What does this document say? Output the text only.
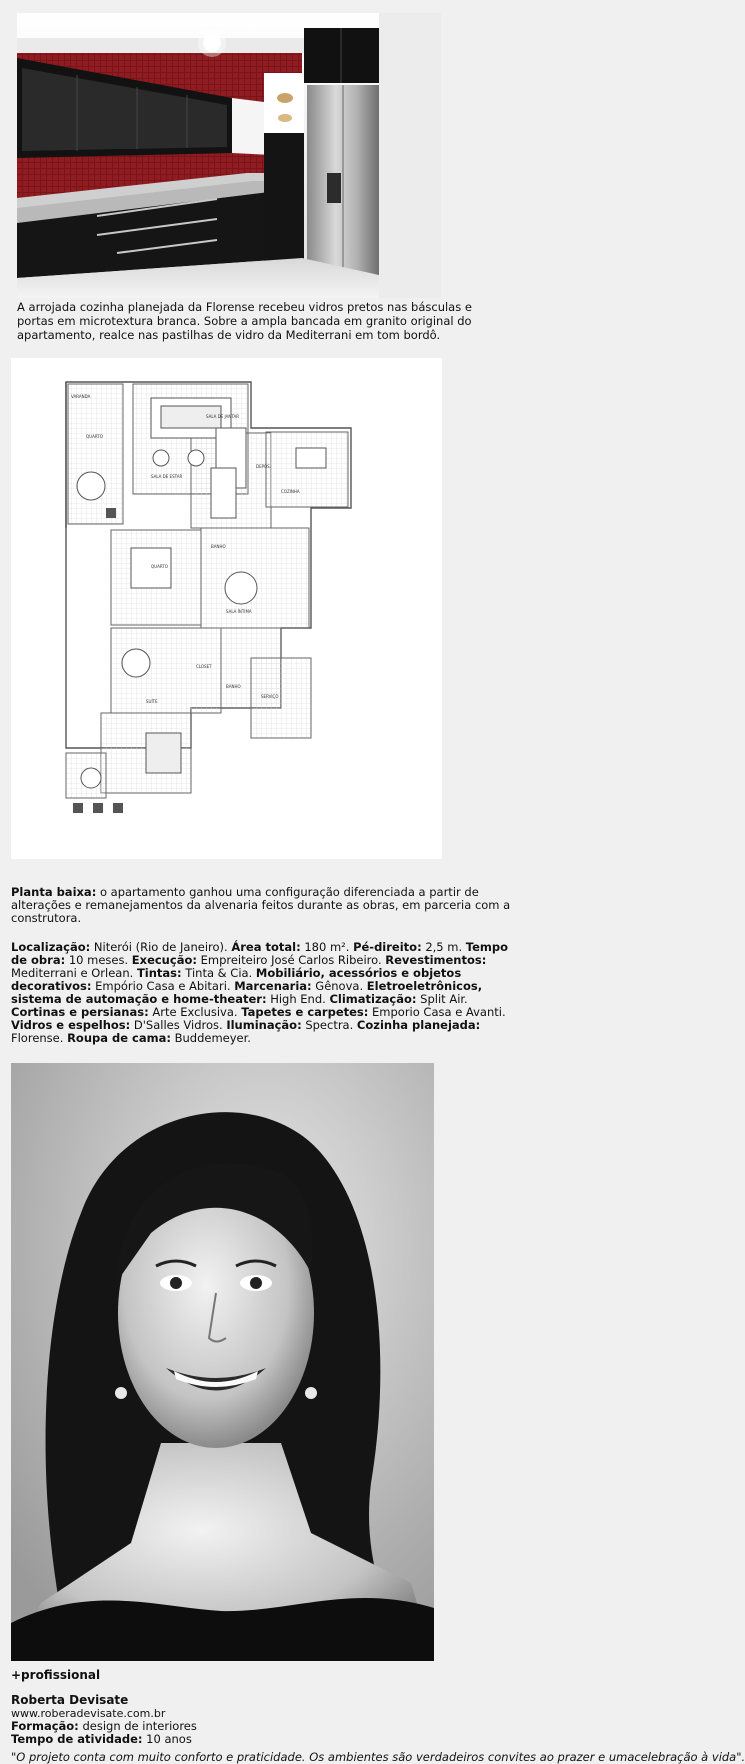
A arrojada cozinha planejada da Florense recebeu vidros pretos nas básculas e portas em microtextura branca. Sobre a ampla bancada em granito original do apartamento, realce nas pastilhas de vidro da Mediterrani em tom bordô.

QUARTO
DEPÓS.
COZINHA
SALA DE JANTAR
SALA DE ESTAR
VARANDA
QUARTO
BANHO
SALA ÍNTIMA
SUÍTE
CLOSET
BANHO
SERVIÇO

Planta baixa: o apartamento ganhou uma configuração diferenciada a partir de alterações e remanejamentos da alvenaria feitos durante as obras, em parceria com a construtora.

Localização: Niterói (Rio de Janeiro). Área total: 180 m². Pé-direito: 2,5 m. Tempo de obra: 10 meses. Execução: Empreiteiro José Carlos Ribeiro. Revestimentos: Mediterrani e Orlean. Tintas: Tinta & Cia. Mobiliário, acessórios e objetos decorativos: Empório Casa e Abitari. Marcenaria: Gênova. Eletroeletrônicos, sistema de automação e home-theater: High End. Climatização: Split Air. Cortinas e persianas: Arte Exclusiva. Tapetes e carpetes: Emporio Casa e Avanti. Vidros e espelhos: D'Salles Vidros. Iluminação: Spectra. Cozinha planejada: Florense. Roupa de cama: Buddemeyer.

+profissional

Roberta Devisate

www.roberadevisate.com.br

Formação: design de interiores

Tempo de atividade: 10 anos

"O projeto conta com muito conforto e praticidade. Os ambientes são verdadeiros convites ao prazer e umacelebração à vida".
